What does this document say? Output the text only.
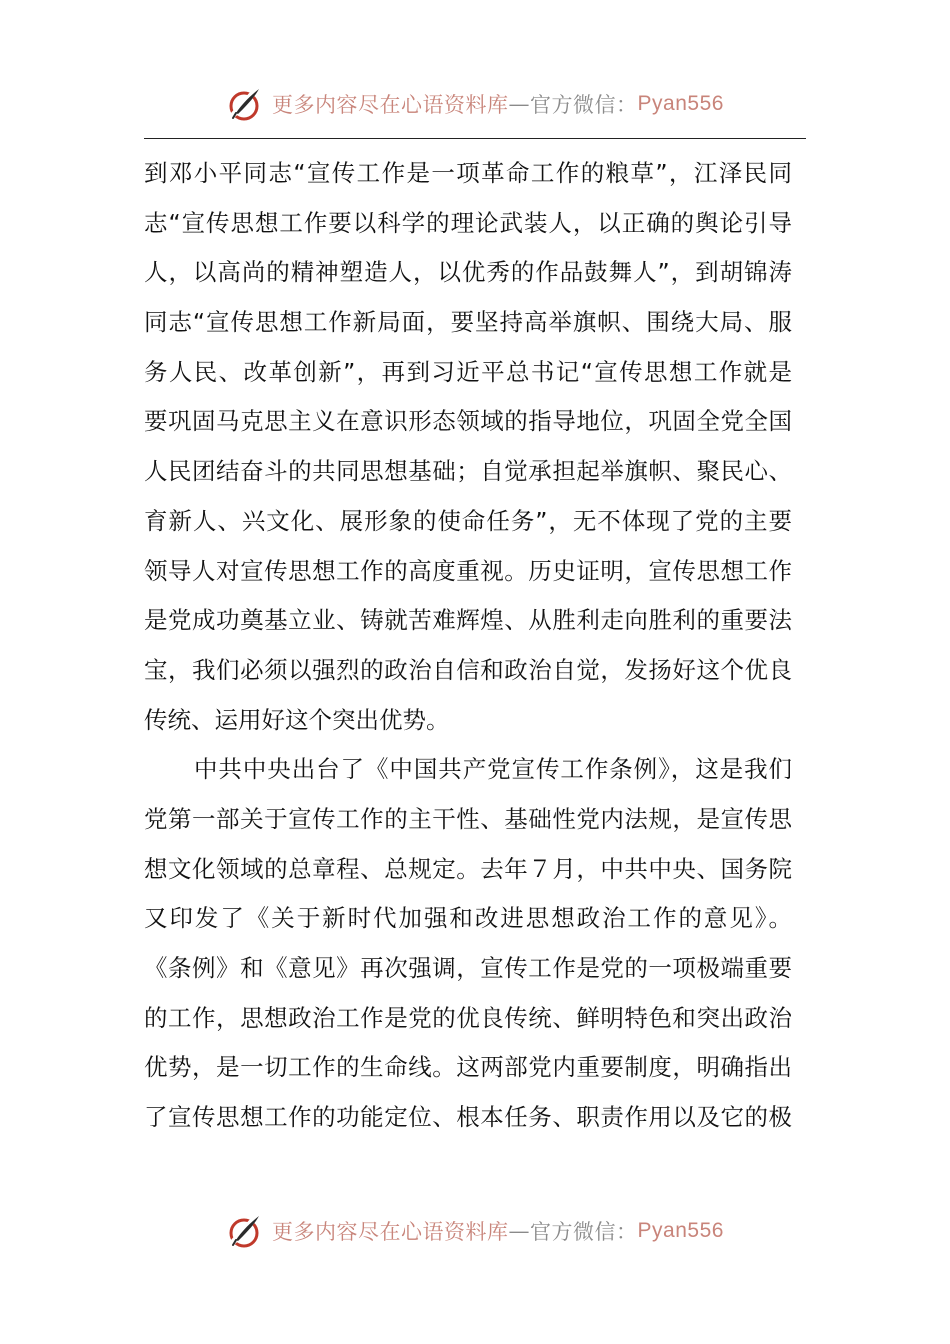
更多内容尽在心语资料库 — 官方微信： Pyan556
到邓小平同志“宣传工作是一项革命工作的粮草”，江泽民同
志“宣传思想工作要以科学的理论武装人，以正确的舆论引导
人，以高尚的精神塑造人，以优秀的作品鼓舞人”，到胡锦涛
同志“宣传思想工作新局面，要坚持高举旗帜、围绕大局、服
务人民、改革创新”，再到习近平总书记“宣传思想工作就是
要巩固马克思主义在意识形态领域的指导地位，巩固全党全国
人民团结奋斗的共同思想基础；自觉承担起举旗帜、聚民心、
育新人、兴文化、展形象的使命任务”，无不体现了党的主要
领导人对宣传思想工作的高度重视。历史证明，宣传思想工作
是党成功奠基立业、铸就苦难辉煌、从胜利走向胜利的重要法
宝，我们必须以强烈的政治自信和政治自觉，发扬好这个优良
传统、运用好这个突出优势。
中共中央出台了《中国共产党宣传工作条例》，这是我们
党第一部关于宣传工作的主干性、基础性党内法规，是宣传思
想文化领域的总章程、总规定。去年７月，中共中央、国务院
又印发了《关于新时代加强和改进思想政治工作的意见》。
《条例》和《意见》再次强调，宣传工作是党的一项极端重要
的工作，思想政治工作是党的优良传统、鲜明特色和突出政治
优势，是一切工作的生命线。这两部党内重要制度，明确指出
了宣传思想工作的功能定位、根本任务、职责作用以及它的极
更多内容尽在心语资料库 — 官方微信： Pyan556
